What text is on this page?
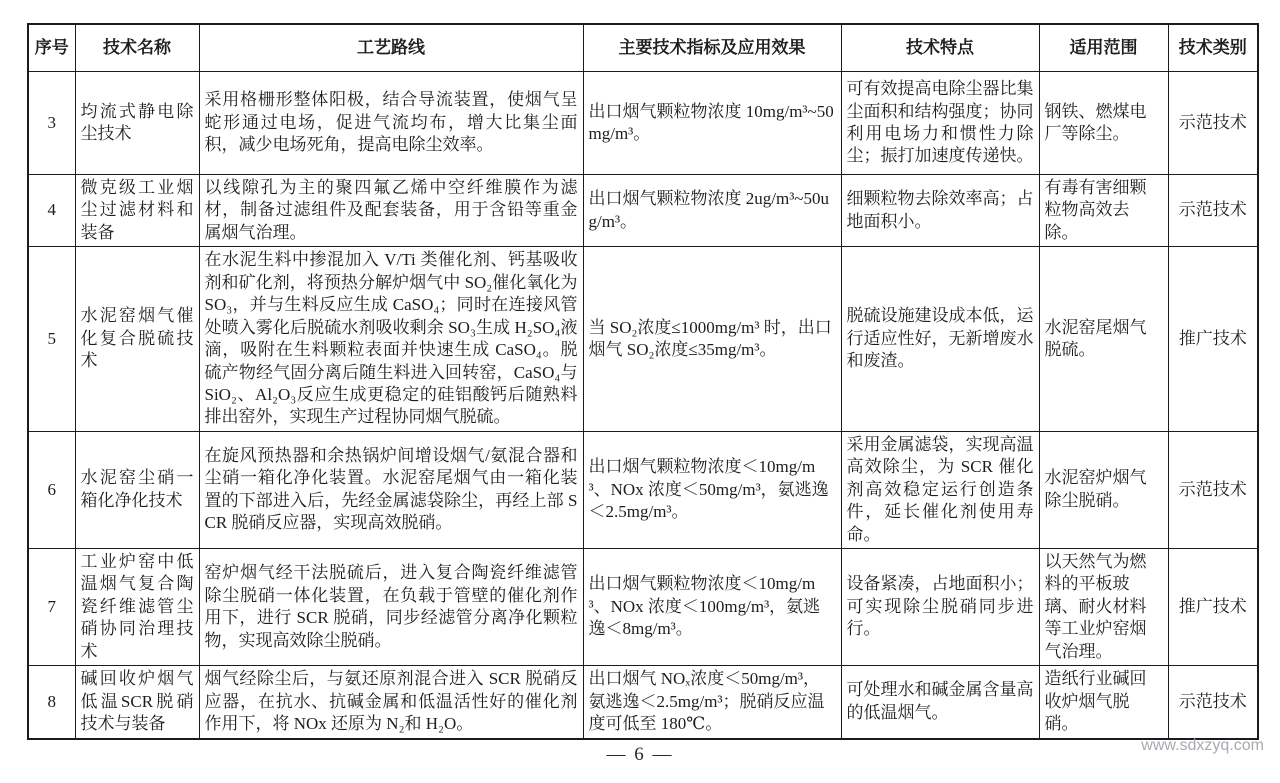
序号	技术名称	工艺路线	主要技术指标及应用效果	技术特点	适用范围	技术类别
3	均流式静电除尘技术	采用格栅形整体阳极，结合导流装置，使烟气呈蛇形通过电场，促进气流均布，增大比集尘面积，减少电场死角，提高电除尘效率。	出口烟气颗粒物浓度 10mg/m³~50mg/m³。	可有效提高电除尘器比集尘面积和结构强度；协同利用电场力和惯性力除尘；振打加速度传递快。	钢铁、燃煤电厂等除尘。	示范技术
4	微克级工业烟尘过滤材料和装备	以线隙孔为主的聚四氟乙烯中空纤维膜作为滤材，制备过滤组件及配套装备，用于含铅等重金属烟气治理。	出口烟气颗粒物浓度 2ug/m³~50ug/m³。	细颗粒物去除效率高；占地面积小。	有毒有害细颗粒物高效去除。	示范技术
5	水泥窑烟气催化复合脱硫技术	在水泥生料中掺混加入 V/Ti 类催化剂、钙基吸收剂和矿化剂，将预热分解炉烟气中 SO₂催化氧化为SO₃，并与生料反应生成 CaSO₄；同时在连接风管处喷入雾化后脱硫水剂吸收剩余 SO₃生成 H₂SO₄液滴，吸附在生料颗粒表面并快速生成 CaSO₄。脱硫产物经气固分离后随生料进入回转窑，CaSO₄与 SiO₂、Al₂O₃反应生成更稳定的硅铝酸钙后随熟料排出窑外，实现生产过程协同烟气脱硫。	当 SO₂浓度≤1000mg/m³ 时，出口烟气 SO₂浓度≤35mg/m³。	脱硫设施建设成本低，运行适应性好，无新增废水和废渣。	水泥窑尾烟气脱硫。	推广技术
6	水泥窑尘硝一箱化净化技术	在旋风预热器和余热锅炉间增设烟气/氨混合器和尘硝一箱化净化装置。水泥窑尾烟气由一箱化装置的下部进入后，先经金属滤袋除尘，再经上部 SCR 脱硝反应器，实现高效脱硝。	出口烟气颗粒物浓度＜10mg/m³、NOx 浓度＜50mg/m³，氨逃逸＜2.5mg/m³。	采用金属滤袋，实现高温高效除尘，为 SCR 催化剂高效稳定运行创造条件，延长催化剂使用寿命。	水泥窑炉烟气除尘脱硝。	示范技术
7	工业炉窑中低温烟气复合陶瓷纤维滤管尘硝协同治理技术	窑炉烟气经干法脱硫后，进入复合陶瓷纤维滤管除尘脱硝一体化装置，在负载于管壁的催化剂作用下，进行 SCR 脱硝，同步经滤管分离净化颗粒物，实现高效除尘脱硝。	出口烟气颗粒物浓度＜10mg/m³、NOx 浓度＜100mg/m³，氨逃逸＜8mg/m³。	设备紧凑，占地面积小；可实现除尘脱硝同步进行。	以天然气为燃料的平板玻璃、耐火材料等工业炉窑烟气治理。	推广技术
8	碱回收炉烟气低温SCR脱硝技术与装备	烟气经除尘后，与氨还原剂混合进入 SCR 脱硝反应器，在抗水、抗碱金属和低温活性好的催化剂作用下，将 NOx 还原为 N₂和 H₂O。	出口烟气 NOₓ浓度＜50mg/m³，氨逃逸＜2.5mg/m³；脱硝反应温度可低至 180℃。	可处理水和碱金属含量高的低温烟气。	造纸行业碱回收炉烟气脱硝。	示范技术
— 6 —	www.sdxzyq.com
